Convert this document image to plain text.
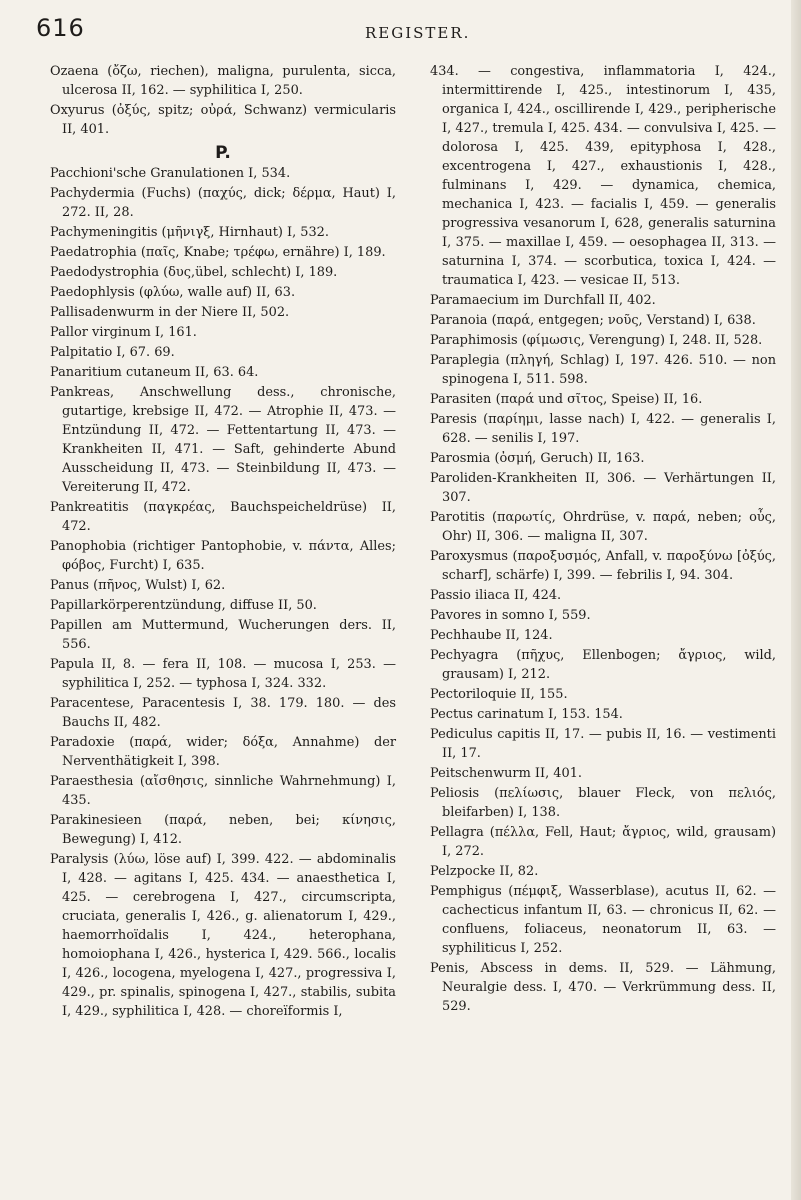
616	REGISTER.
Ozaena (ὄζω, riechen), maligna, purulenta, sicca, ulcerosa II, 162. — syphilitica I, 250.
Oxyurus (ὀξύς, spitz; οὐρά, Schwanz) vermicularis II, 401.
P.
Pacchioni'sche Granulationen I, 534.
Pachydermia (Fuchs) (παχύς, dick; δέρμα, Haut) I, 272. II, 28.
Pachymeningitis (μῆνιγξ, Hirnhaut) I, 532.
Paedatrophia (παῖς, Knabe; τρέφω, ernähre) I, 189.
Paedodystrophia (δυς,übel, schlecht) I, 189.
Paedophlysis (φλύω, walle auf) II, 63.
Pallisadenwurm in der Niere II, 502.
Pallor virginum I, 161.
Palpitatio I, 67. 69.
Panaritium cutaneum II, 63. 64.
Pankreas, Anschwellung dess., chronische, gutartige, krebsige II, 472. — Atrophie II, 473. — Entzündung II, 472. — Fettentartung II, 473. — Krankheiten II, 471. — Saft, gehinderte Abund Ausscheidung II, 473. — Steinbildung II, 473. — Vereiterung II, 472.
Pankreatitis (παγκρέας, Bauchspeicheldrüse) II, 472.
Panophobia (richtiger Pantophobie, v. πάντα, Alles; φόβος, Furcht) I, 635.
Panus (πῆνος, Wulst) I, 62.
Papillarkörperentzündung, diffuse II, 50.
Papillen am Muttermund, Wucherungen ders. II, 556.
Papula II, 8. — fera II, 108. — mucosa I, 253. — syphilitica I, 252. — typhosa I, 324. 332.
Paracentese, Paracentesis I, 38. 179. 180. — des Bauchs II, 482.
Paradoxie (παρά, wider; δόξα, Annahme) der Nerventhätigkeit I, 398.
Paraesthesia (αἴσθησις, sinnliche Wahrnehmung) I, 435.
Parakinesieen (παρά, neben, bei; κίνησις, Bewegung) I, 412.
Paralysis (λύω, löse auf) I, 399. 422. — abdominalis I, 428. — agitans I, 425. 434. — anaesthetica I, 425. — cerebrogena I, 427., circumscripta, cruciata, generalis I, 426., g. alienatorum I, 429., haemorrhoïdalis I, 424., heterophana, homoiophana I, 426., hysterica I, 429. 566., localis I, 426., locogena, myelogena I, 427., progressiva I, 429., pr. spinalis, spinogena I, 427., stabilis, subita I, 429., syphilitica I, 428. — choreïformis I,
434. — congestiva, inflammatoria I, 424., intermittirende I, 425., intestinorum I, 435, organica I, 424., oscillirende I, 429., peripherische I, 427., tremula I, 425. 434. — convulsiva I, 425. — dolorosa I, 425. 439, epityphosa I, 428., excentrogena I, 427., exhaustionis I, 428., fulminans I, 429. — dynamica, chemica, mechanica I, 423. — facialis I, 459. — generalis progressiva vesanorum I, 628, generalis saturnina I, 375. — maxillae I, 459. — oesophagea II, 313. — saturnina I, 374. — scorbutica, toxica I, 424. — traumatica I, 423. — vesicae II, 513.
Paramaecium im Durchfall II, 402.
Paranoia (παρά, entgegen; νοῦς, Verstand) I, 638.
Paraphimosis (φίμωσις, Verengung) I, 248. II, 528.
Paraplegia (πληγή, Schlag) I, 197. 426. 510. — non spinogena I, 511. 598.
Parasiten (παρά und σῖτος, Speise) II, 16.
Paresis (παρίημι, lasse nach) I, 422. — generalis I, 628. — senilis I, 197.
Parosmia (ὀσμή, Geruch) II, 163.
Paroliden-Krankheiten II, 306. — Verhärtungen II, 307.
Parotitis (παρωτίς, Ohrdrüse, v. παρά, neben; οὖς, Ohr) II, 306. — maligna II, 307.
Paroxysmus (παροξυσμός, Anfall, v. παροξύνω [ὀξύς, scharf], schärfe) I, 399. — febrilis I, 94. 304.
Passio iliaca II, 424.
Pavores in somno I, 559.
Pechhaube II, 124.
Pechyagra (πῆχυς, Ellenbogen; ἄγριος, wild, grausam) I, 212.
Pectoriloquie II, 155.
Pectus carinatum I, 153. 154.
Pediculus capitis II, 17. — pubis II, 16. — vestimenti II, 17.
Peitschenwurm II, 401.
Peliosis (πελίωσις, blauer Fleck, von πελιός, bleifarben) I, 138.
Pellagra (πέλλα, Fell, Haut; ἄγριος, wild, grausam) I, 272.
Pelzpocke II, 82.
Pemphigus (πέμφιξ, Wasserblase), acutus II, 62. — cachecticus infantum II, 63. — chronicus II, 62. — confluens, foliaceus, neonatorum II, 63. — syphiliticus I, 252.
Penis, Abscess in dems. II, 529. — Lähmung, Neuralgie dess. I, 470. — Verkrümmung dess. II, 529.
